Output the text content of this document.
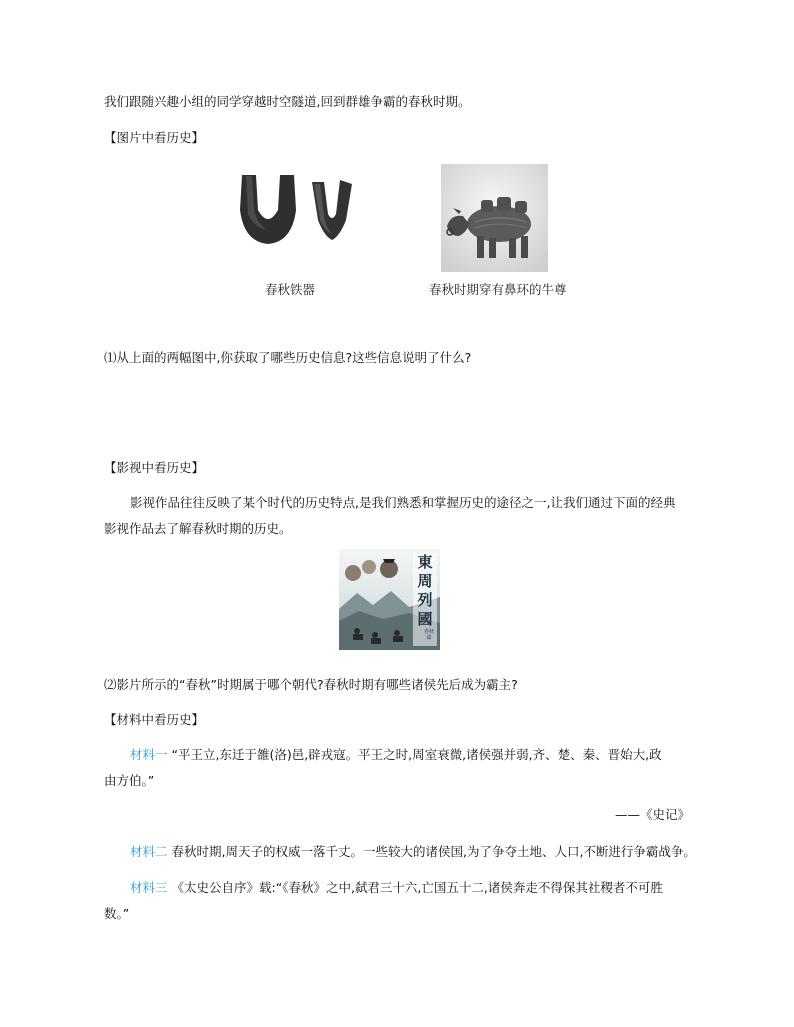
我们跟随兴趣小组的同学穿越时空隧道,回到群雄争霸的春秋时期。
【图片中看历史】
春秋铁器	春秋时期穿有鼻环的牛尊
⑴从上面的两幅图中,你获取了哪些历史信息?这些信息说明了什么?
【影视中看历史】
影视作品往往反映了某个时代的历史特点,是我们熟悉和掌握历史的途径之一,让我们通过下面的经典
影视作品去了解春秋时期的历史。
東周列國
春秋篇
⑵影片所示的“春秋”时期属于哪个朝代?春秋时期有哪些诸侯先后成为霸主?
【材料中看历史】
材料一 “平王立,东迁于雒(洛)邑,辟戎寇。平王之时,周室衰微,诸侯强并弱,齐、楚、秦、晋始大,政
由方伯。”
——《史记》
材料二 春秋时期,周天子的权威一落千丈。一些较大的诸侯国,为了争夺土地、人口,不断进行争霸战争。
材料三 《太史公自序》载:“《春秋》之中,弑君三十六,亡国五十二,诸侯奔走不得保其社稷者不可胜
数。”
